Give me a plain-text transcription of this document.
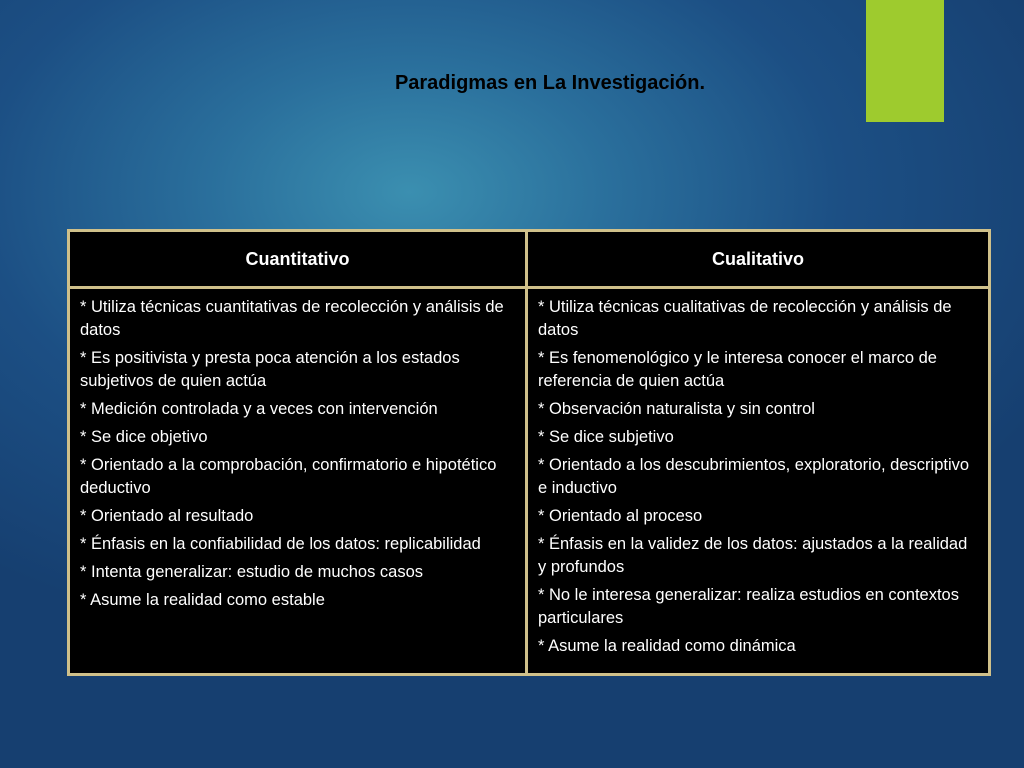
Paradigmas en La Investigación.
Cuantitativo	Cualitativo
* Utiliza técnicas cuantitativas de recolección y análisis de datos
* Es positivista y presta poca atención a los estados subjetivos de quien actúa
* Medición controlada y a veces con intervención
* Se dice objetivo
* Orientado a la comprobación, confirmatorio e hipotético deductivo
* Orientado al resultado
* Énfasis en la confiabilidad de los datos: replicabilidad
* Intenta generalizar: estudio de muchos casos
* Asume la realidad como estable
* Utiliza técnicas cualitativas de recolección y análisis de datos
* Es fenomenológico y le interesa conocer el marco de referencia de quien actúa
* Observación naturalista y sin control
* Se dice subjetivo
* Orientado a los descubrimientos, exploratorio, descriptivo e inductivo
* Orientado al proceso
* Énfasis en la validez de los datos: ajustados a la realidad y profundos
* No le interesa generalizar: realiza estudios en contextos particulares
* Asume la realidad como dinámica
